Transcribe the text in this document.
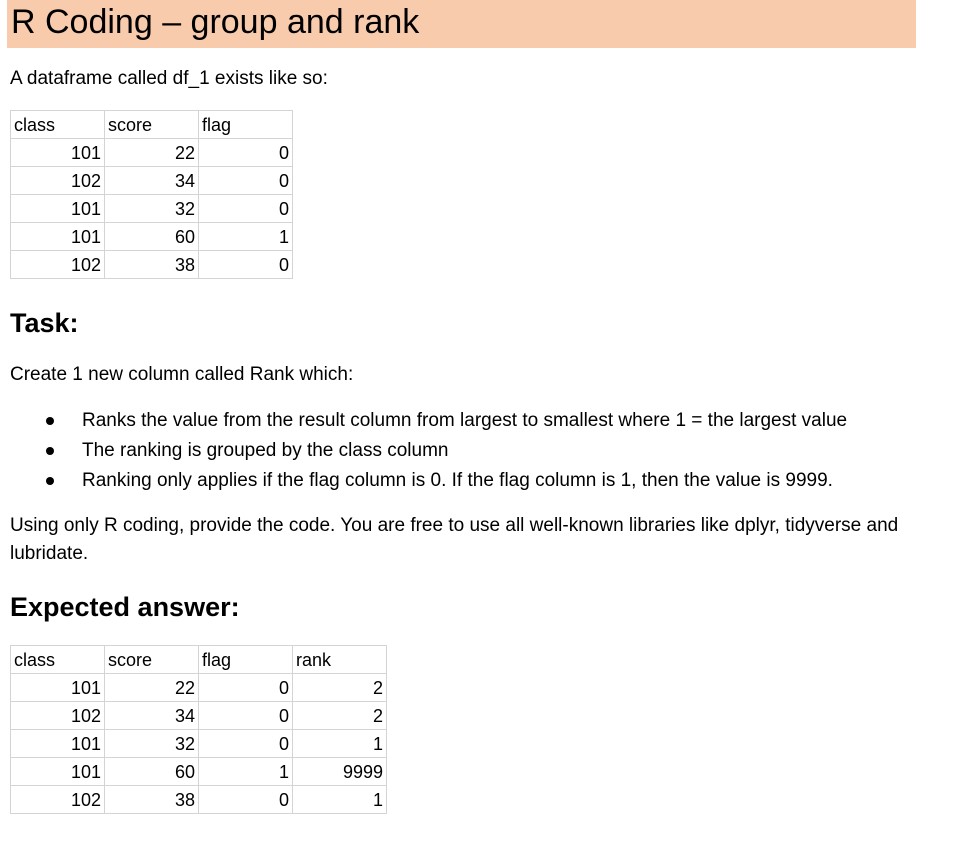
R Coding – group and rank
A dataframe called df_1 exists like so:
class	score	flag
101	22	0
102	34	0
101	32	0
101	60	1
102	38	0
Task:
Create 1 new column called Rank which:
Ranks the value from the result column from largest to smallest where 1 = the largest value
The ranking is grouped by the class column
Ranking only applies if the flag column is 0. If the flag column is 1, then the value is 9999.
Using only R coding, provide the code. You are free to use all well-known libraries like dplyr, tidyverse and lubridate.
Expected answer:
class	score	flag	rank
101	22	0	2
102	34	0	2
101	32	0	1
101	60	1	9999
102	38	0	1
